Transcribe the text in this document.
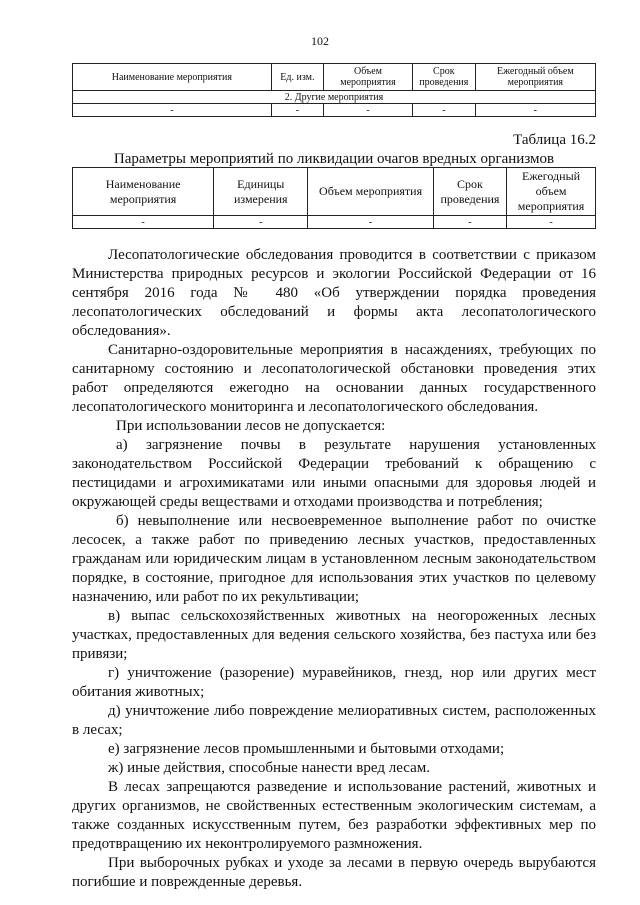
102
Наименование мероприятия	Ед. изм.	Объем мероприятия	Срок проведения	Ежегодный объем мероприятия
2. Другие мероприятия				
-	-	-	-	-
Таблица 16.2
Параметры мероприятий по ликвидации очагов вредных организмов
Наименование мероприятия	Единицы измерения	Объем мероприятия	Срок проведения	Ежегодный объем мероприятия
-	-	-	-	-

Лесопатологические обследования проводится в соответствии с приказом Министерства природных ресурсов и экологии Российской Федерации от 16 сентября 2016 года № 480 «Об утверждении порядка проведения лесопатологических обследований и формы акта лесопатологического обследования».

Санитарно-оздоровительные мероприятия в насаждениях, требующих по санитарному состоянию и лесопатологической обстановки проведения этих работ определяются ежегодно на основании данных государственного лесопатологического мониторинга и лесопатологического обследования.

При использовании лесов не допускается:

а) загрязнение почвы в результате нарушения установленных законодательством Российской Федерации требований к обращению с пестицидами и агрохимикатами или иными опасными для здоровья людей и окружающей среды веществами и отходами производства и потребления;

б) невыполнение или несвоевременное выполнение работ по очистке лесосек, а также работ по приведению лесных участков, предоставленных гражданам или юридическим лицам в установленном лесным законодательством порядке, в состояние, пригодное для использования этих участков по целевому назначению, или работ по их рекультивации;

в) выпас сельскохозяйственных животных на неогороженных лесных участках, предоставленных для ведения сельского хозяйства, без пастуха или без привязи;

г) уничтожение (разорение) муравейников, гнезд, нор или других мест обитания животных;

д) уничтожение либо повреждение мелиоративных систем, расположенных в лесах;

е) загрязнение лесов промышленными и бытовыми отходами;

ж) иные действия, способные нанести вред лесам.

В лесах запрещаются разведение и использование растений, животных и других организмов, не свойственных естественным экологическим системам, а также созданных искусственным путем, без разработки эффективных мер по предотвращению их неконтролируемого размножения.

При выборочных рубках и уходе за лесами в первую очередь вырубаются погибшие и поврежденные деревья.
